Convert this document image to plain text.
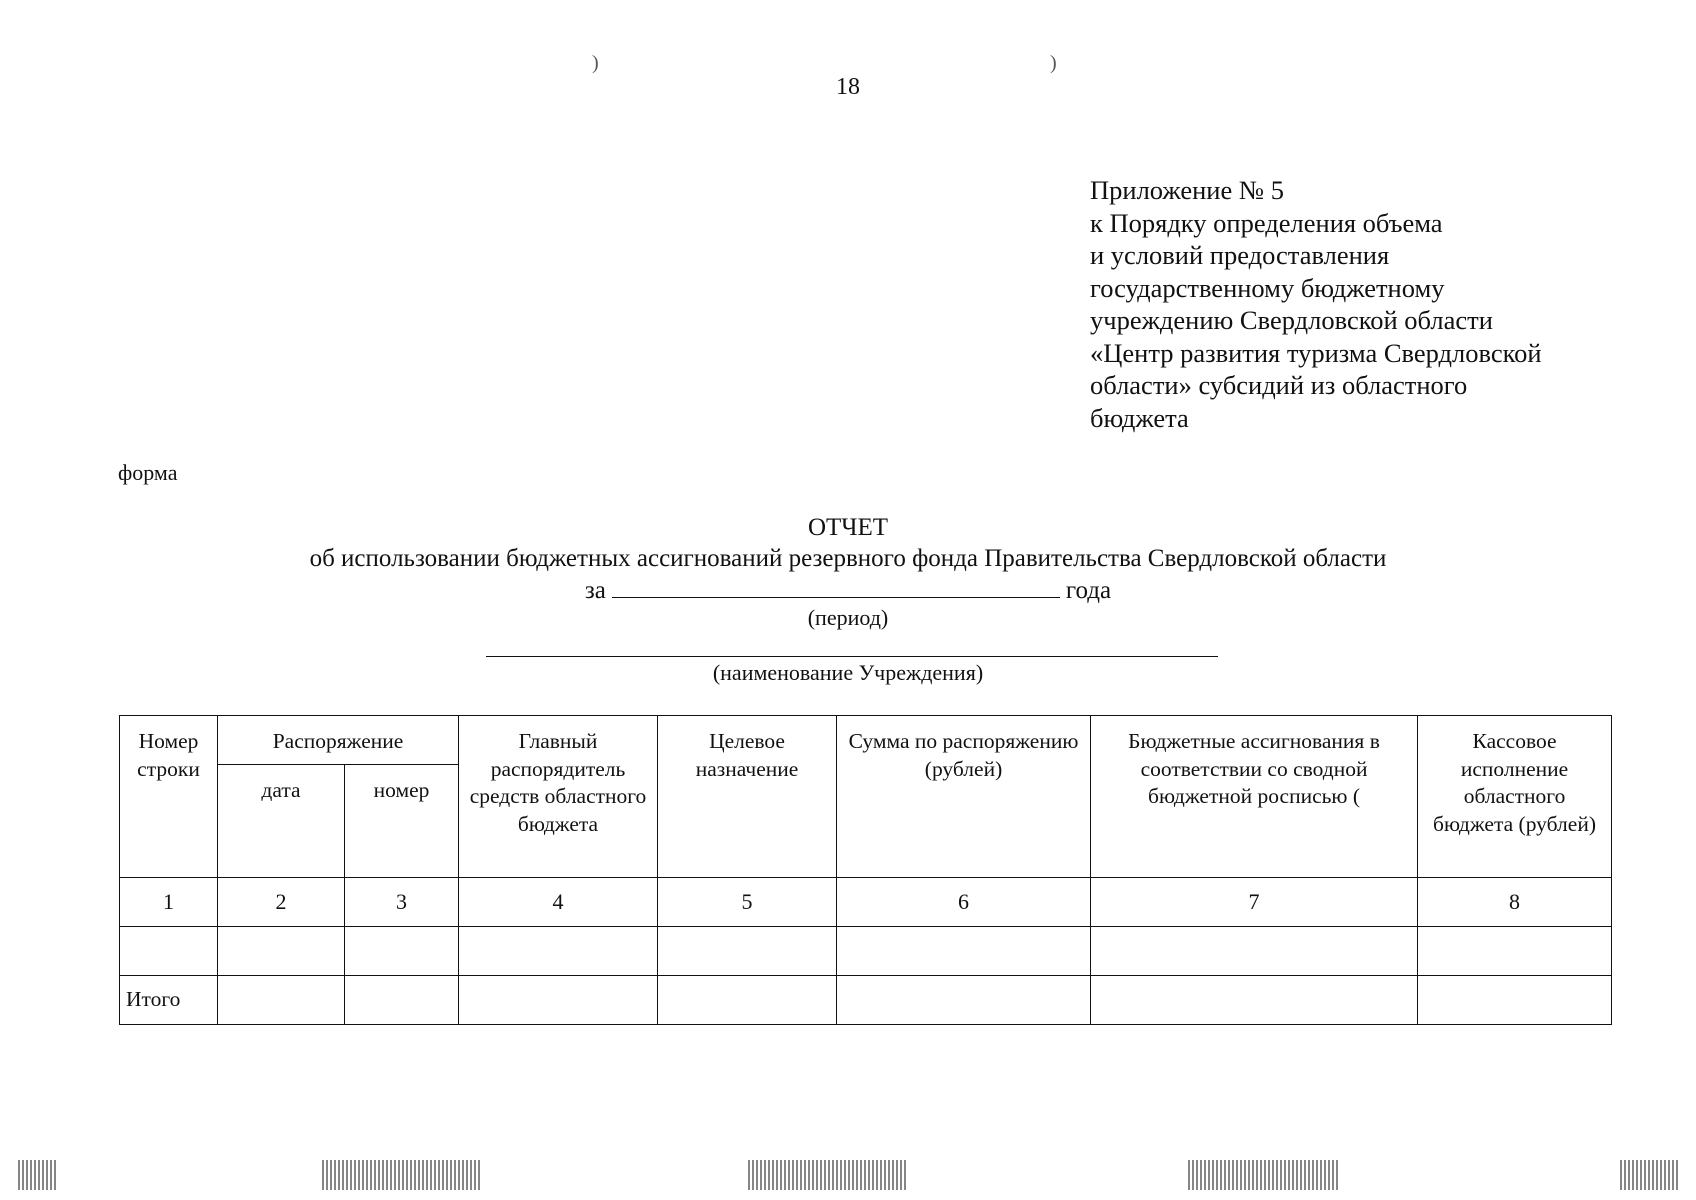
18
)	)
Приложение № 5
к Порядку определения объема
и условий предоставления
государственному бюджетному
учреждению Свердловской области
«Центр развития туризма Свердловской
области» субсидий из областного
бюджета
форма
ОТЧЕТ
об использовании бюджетных ассигнований резервного фонда Правительства Свердловской области
за	года
(период)
(наименование Учреждения)
Номер строки	Распоряжение		Главный распорядитель средств областного бюджета	Целевое назначение	Сумма по распоряжению (рублей)	Бюджетные ассигнования в соответствии со сводной бюджетной росписью (	Кассовое исполнение областного бюджета (рублей)
	дата	номер					
1	2	3	4	5	6	7	8

Итого							
